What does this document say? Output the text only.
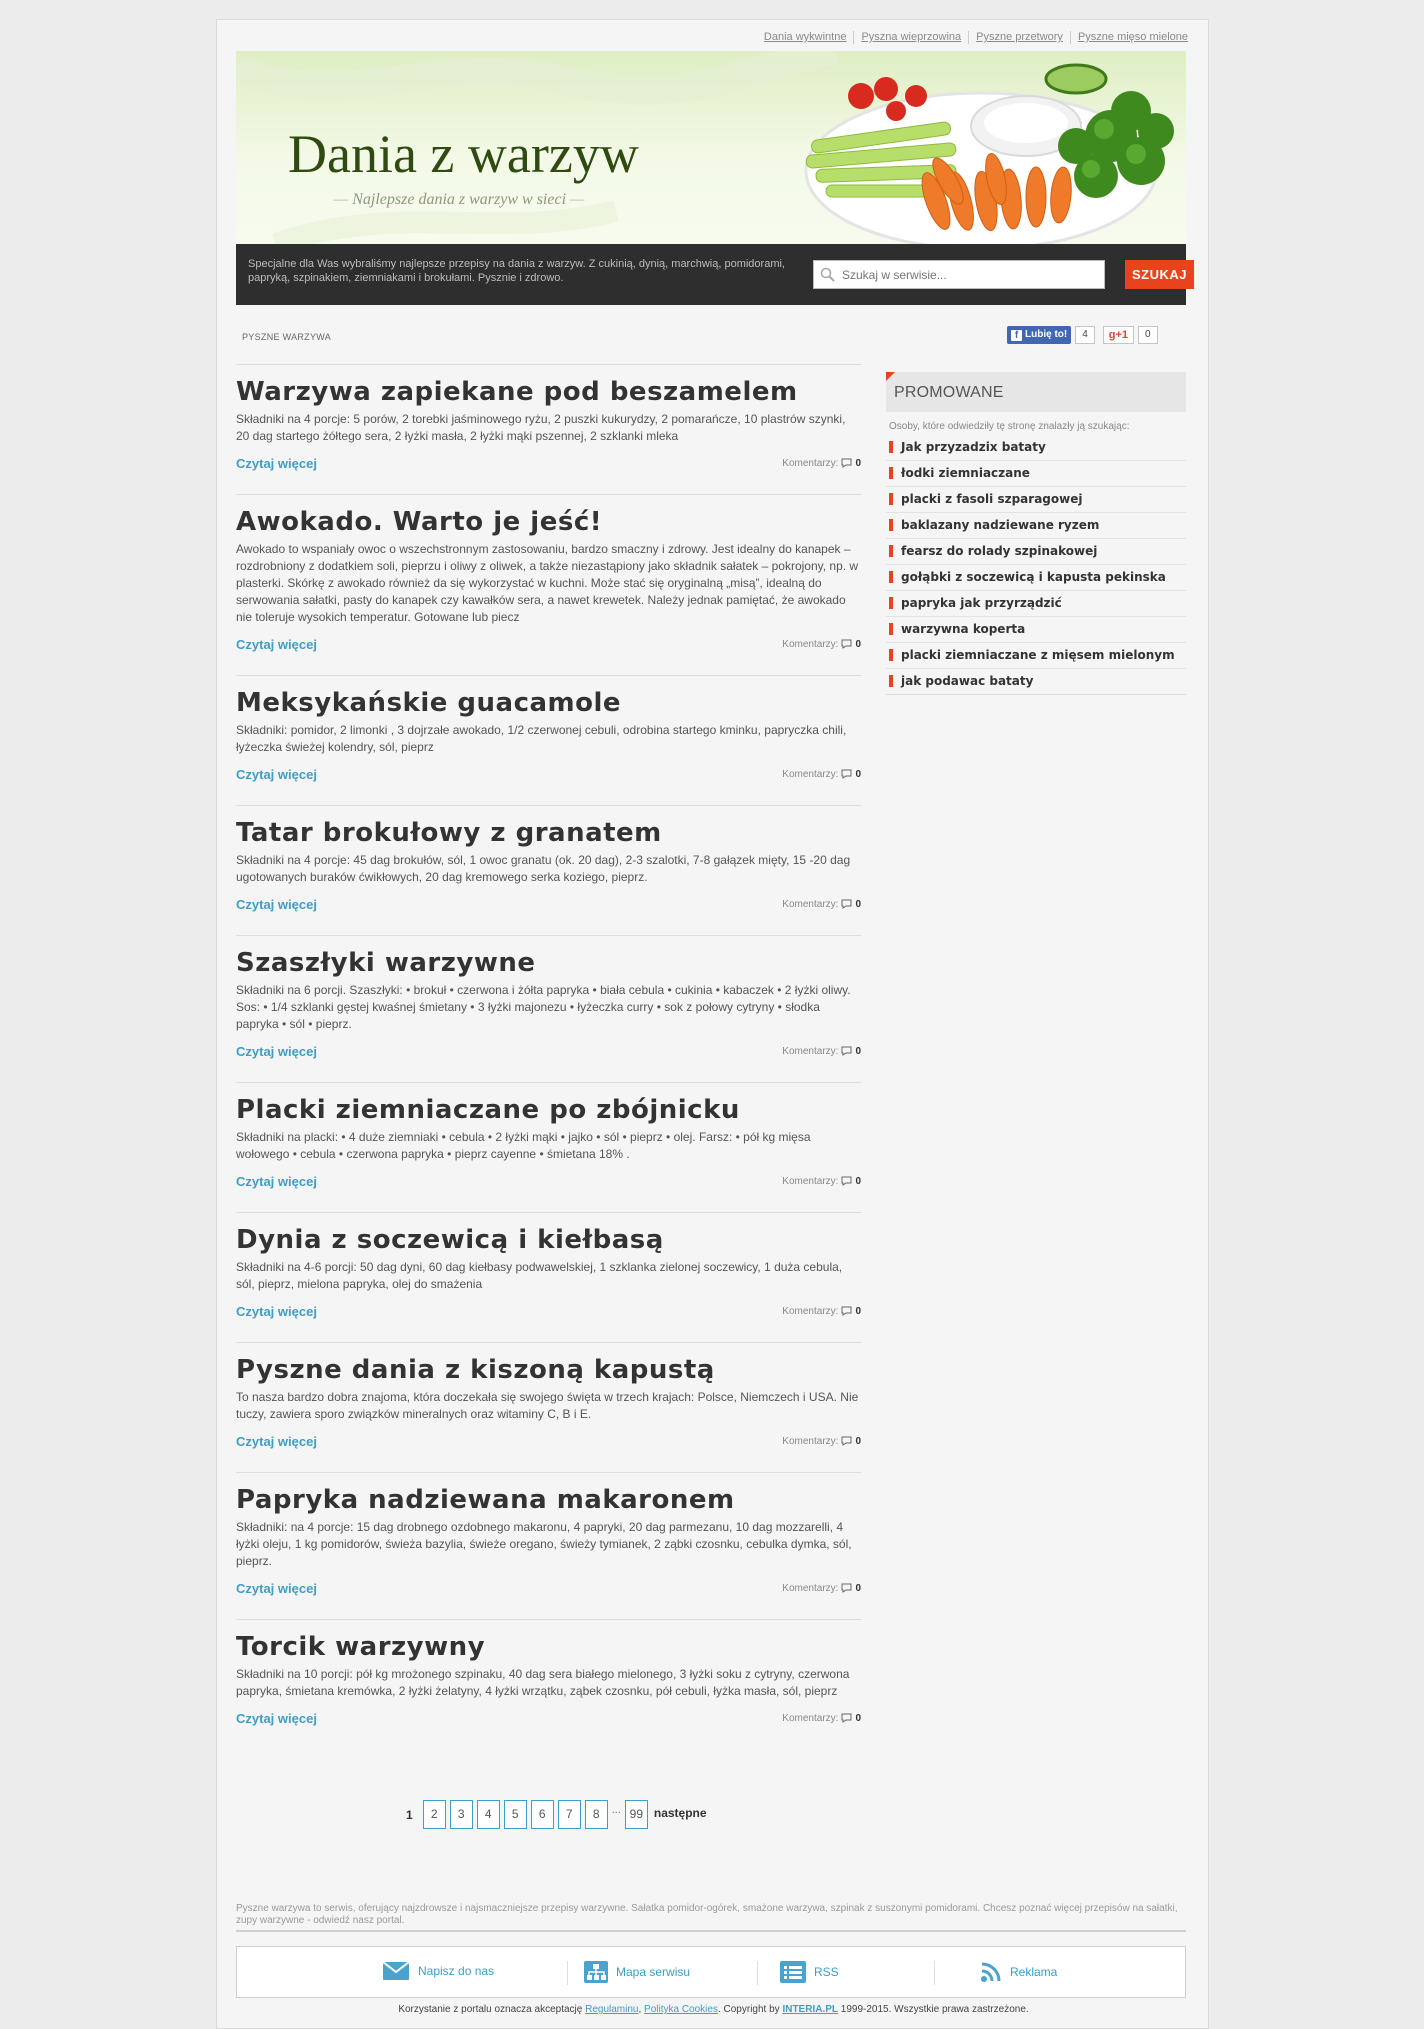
Dania wykwintne	Pyszna wieprzowina	Pyszne przetwory	Pyszne mięso mielone
Dania z warzyw
— Najlepsze dania z warzyw w sieci —
Specjalne dla Was wybraliśmy najlepsze przepisy na dania z warzyw. Z cukinią, dynią, marchwią, pomidorami, papryką, szpinakiem, ziemniakami i brokułami. Pysznie i zdrowo.
Szukaj w serwisie...	SZUKAJ
PYSZNE WARZYWA	f Lubię to!	4	g+1	0
Warzywa zapiekane pod beszamelem

Składniki na 4 porcje: 5 porów, 2 torebki jaśminowego ryżu, 2 puszki kukurydzy, 2 pomarańcze, 10 plastrów szynki, 20 dag startego żółtego sera, 2 łyżki masła, 2 łyżki mąki pszennej, 2 szklanki mleka

Czytaj więcej	Komentarzy: 0
Awokado. Warto je jeść!

Awokado to wspaniały owoc o wszechstronnym zastosowaniu, bardzo smaczny i zdrowy. Jest idealny do kanapek – rozdrobniony z dodatkiem soli, pieprzu i oliwy z oliwek, a także niezastąpiony jako składnik sałatek – pokrojony, np. w plasterki. Skórkę z awokado również da się wykorzystać w kuchni. Może stać się oryginalną „misą”, idealną do serwowania sałatki, pasty do kanapek czy kawałków sera, a nawet krewetek. Należy jednak pamiętać, że awokado nie toleruje wysokich temperatur. Gotowane lub piecz

Czytaj więcej	Komentarzy: 0
Meksykańskie guacamole

Składniki: pomidor, 2 limonki , 3 dojrzałe awokado, 1/2 czerwonej cebuli, odrobina startego kminku, papryczka chili, łyżeczka świeżej kolendry, sól, pieprz

Czytaj więcej	Komentarzy: 0
Tatar brokułowy z granatem

Składniki na 4 porcje: 45 dag brokułów, sól, 1 owoc granatu (ok. 20 dag), 2-3 szalotki, 7-8 gałązek mięty, 15 -20 dag ugotowanych buraków ćwikłowych, 20 dag kremowego serka koziego, pieprz.

Czytaj więcej	Komentarzy: 0
Szaszłyki warzywne

Składniki na 6 porcji. Szaszłyki: • brokuł • czerwona i żółta papryka • biała cebula • cukinia • kabaczek • 2 łyżki oliwy. Sos: • 1/4 szklanki gęstej kwaśnej śmietany • 3 łyżki majonezu • łyżeczka curry • sok z połowy cytryny • słodka papryka • sól • pieprz.

Czytaj więcej	Komentarzy: 0
Placki ziemniaczane po zbójnicku

Składniki na placki: • 4 duże ziemniaki • cebula • 2 łyżki mąki • jajko • sól • pieprz • olej. Farsz: • pół kg mięsa wołowego • cebula • czerwona papryka • pieprz cayenne • śmietana 18% .

Czytaj więcej	Komentarzy: 0
Dynia z soczewicą i kiełbasą

Składniki na 4-6 porcji: 50 dag dyni, 60 dag kiełbasy podwawelskiej, 1 szklanka zielonej soczewicy, 1 duża cebula, sól, pieprz, mielona papryka, olej do smażenia

Czytaj więcej	Komentarzy: 0
Pyszne dania z kiszoną kapustą

To nasza bardzo dobra znajoma, która doczekała się swojego święta w trzech krajach: Polsce, Niemczech i USA. Nie tuczy, zawiera sporo związków mineralnych oraz witaminy C, B i E.

Czytaj więcej	Komentarzy: 0
Papryka nadziewana makaronem

Składniki: na 4 porcje: 15 dag drobnego ozdobnego makaronu, 4 papryki, 20 dag parmezanu, 10 dag mozzarelli, 4 łyżki oleju, 1 kg pomidorów, świeża bazylia, świeże oregano, świeży tymianek, 2 ząbki czosnku, cebulka dymka, sól, pieprz.

Czytaj więcej	Komentarzy: 0
Torcik warzywny

Składniki na 10 porcji: pół kg mrożonego szpinaku, 40 dag sera białego mielonego, 3 łyżki soku z cytryny, czerwona papryka, śmietana kremówka, 2 łyżki żelatyny, 4 łyżki wrzątku, ząbek czosnku, pół cebuli, łyżka masła, sól, pieprz

Czytaj więcej	Komentarzy: 0
1	2	3	4	5	6	7	8	... 99 następne
PROMOWANE
Osoby, które odwiedziły tę stronę znalazły ją szukając:
Jak przyzadzix bataty
łodki ziemniaczane
placki z fasoli szparagowej
baklazany nadziewane ryzem
fearsz do rolady szpinakowej
gołąbki z soczewicą i kapusta pekinska
papryka jak przyrządzić
warzywna koperta
placki ziemniaczane z mięsem mielonym
jak podawac bataty
Pyszne warzywa to serwis, oferujący najzdrowsze i najsmaczniejsze przepisy warzywne. Sałatka pomidor-ogórek, smażone warzywa, szpinak z suszonymi pomidorami. Chcesz poznać więcej przepisów na sałatki, zupy warzywne - odwiedź nasz portal.
Napisz do nas	Mapa serwisu	RSS	Reklama
Korzystanie z portalu oznacza akceptację Regulaminu, Polityka Cookies. Copyright by INTERIA.PL 1999-2015. Wszystkie prawa zastrzeżone.
